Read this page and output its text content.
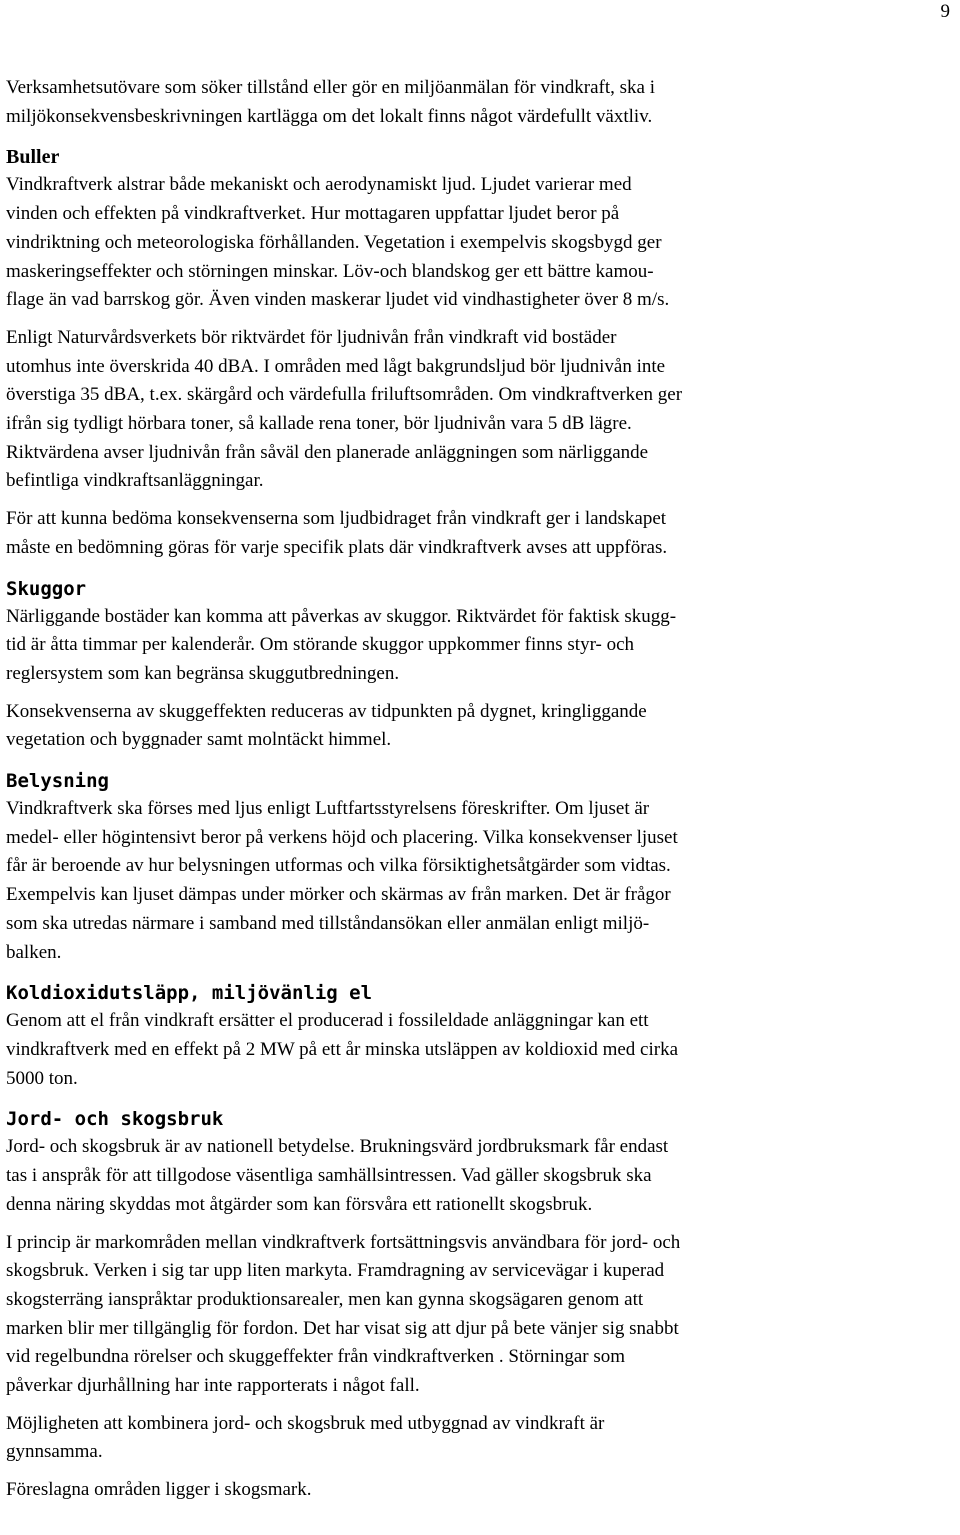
9

Verksamhetsutövare som söker tillstånd eller gör en miljöanmälan för vindkraft, ska i
miljökonsekvensbeskrivningen kartlägga om det lokalt finns något värdefullt växtliv.

Buller

Vindkraftverk alstrar både mekaniskt och aerodynamiskt ljud. Ljudet varierar med
vinden och effekten på vindkraftverket. Hur mottagaren uppfattar ljudet beror på
vindriktning och meteorologiska förhållanden. Vegetation i exempelvis skogsbygd ger
maskeringseffekter och störningen minskar. Löv-och blandskog ger ett bättre kamou-
flage än vad barrskog gör. Även vinden maskerar ljudet vid vindhastigheter över 8 m/s.

Enligt Naturvårdsverkets bör riktvärdet för ljudnivån från vindkraft vid bostäder
utomhus inte överskrida 40 dBA. I områden med lågt bakgrundsljud bör ljudnivån inte
överstiga 35 dBA, t.ex. skärgård och värdefulla friluftsområden. Om vindkraftverken ger
ifrån sig tydligt hörbara toner, så kallade rena toner, bör ljudnivån vara 5 dB lägre.
Riktvärdena avser ljudnivån från såväl den planerade anläggningen som närliggande
befintliga vindkraftsanläggningar.

För att kunna bedöma konsekvenserna som ljudbidraget från vindkraft ger i landskapet
måste en bedömning göras för varje specifik plats där vindkraftverk avses att uppföras.

Skuggor

Närliggande bostäder kan komma att påverkas av skuggor. Riktvärdet för faktisk skugg-
tid är åtta timmar per kalenderår. Om störande skuggor uppkommer finns styr- och
reglersystem som kan begränsa skuggutbredningen.

Konsekvenserna av skuggeffekten reduceras av tidpunkten på dygnet, kringliggande
vegetation och byggnader samt molntäckt himmel.

Belysning

Vindkraftverk ska förses med ljus enligt Luftfartsstyrelsens föreskrifter. Om ljuset är
medel- eller högintensivt beror på verkens höjd och placering. Vilka konsekvenser ljuset
får är beroende av hur belysningen utformas och vilka försiktighetsåtgärder som vidtas.
Exempelvis kan ljuset dämpas under mörker och skärmas av från marken. Det är frågor
som ska utredas närmare i samband med tillståndansökan eller anmälan enligt miljö-
balken.

Koldioxidutsläpp, miljövänlig el

Genom att el från vindkraft ersätter el producerad i fossileldade anläggningar kan ett
vindkraftverk med en effekt på 2 MW på ett år minska utsläppen av koldioxid med cirka
5000 ton.

Jord- och skogsbruk

Jord- och skogsbruk är av nationell betydelse. Brukningsvärd jordbruksmark får endast
tas i anspråk för att tillgodose väsentliga samhällsintressen. Vad gäller skogsbruk ska
denna näring skyddas mot åtgärder som kan försvåra ett rationellt skogsbruk.

I princip är markområden mellan vindkraftverk fortsättningsvis användbara för jord- och
skogsbruk. Verken i sig tar upp liten markyta. Framdragning av servicevägar i kuperad
skogsterräng ianspråktar produktionsarealer, men kan gynna skogsägaren genom att
marken blir mer tillgänglig för fordon. Det har visat sig att djur på bete vänjer sig snabbt
vid regelbundna rörelser och skuggeffekter från vindkraftverken . Störningar som
påverkar djurhållning har inte rapporterats i något fall.

Möjligheten att kombinera jord- och skogsbruk med utbyggnad av vindkraft är
gynnsamma.

Föreslagna områden ligger i skogsmark.
